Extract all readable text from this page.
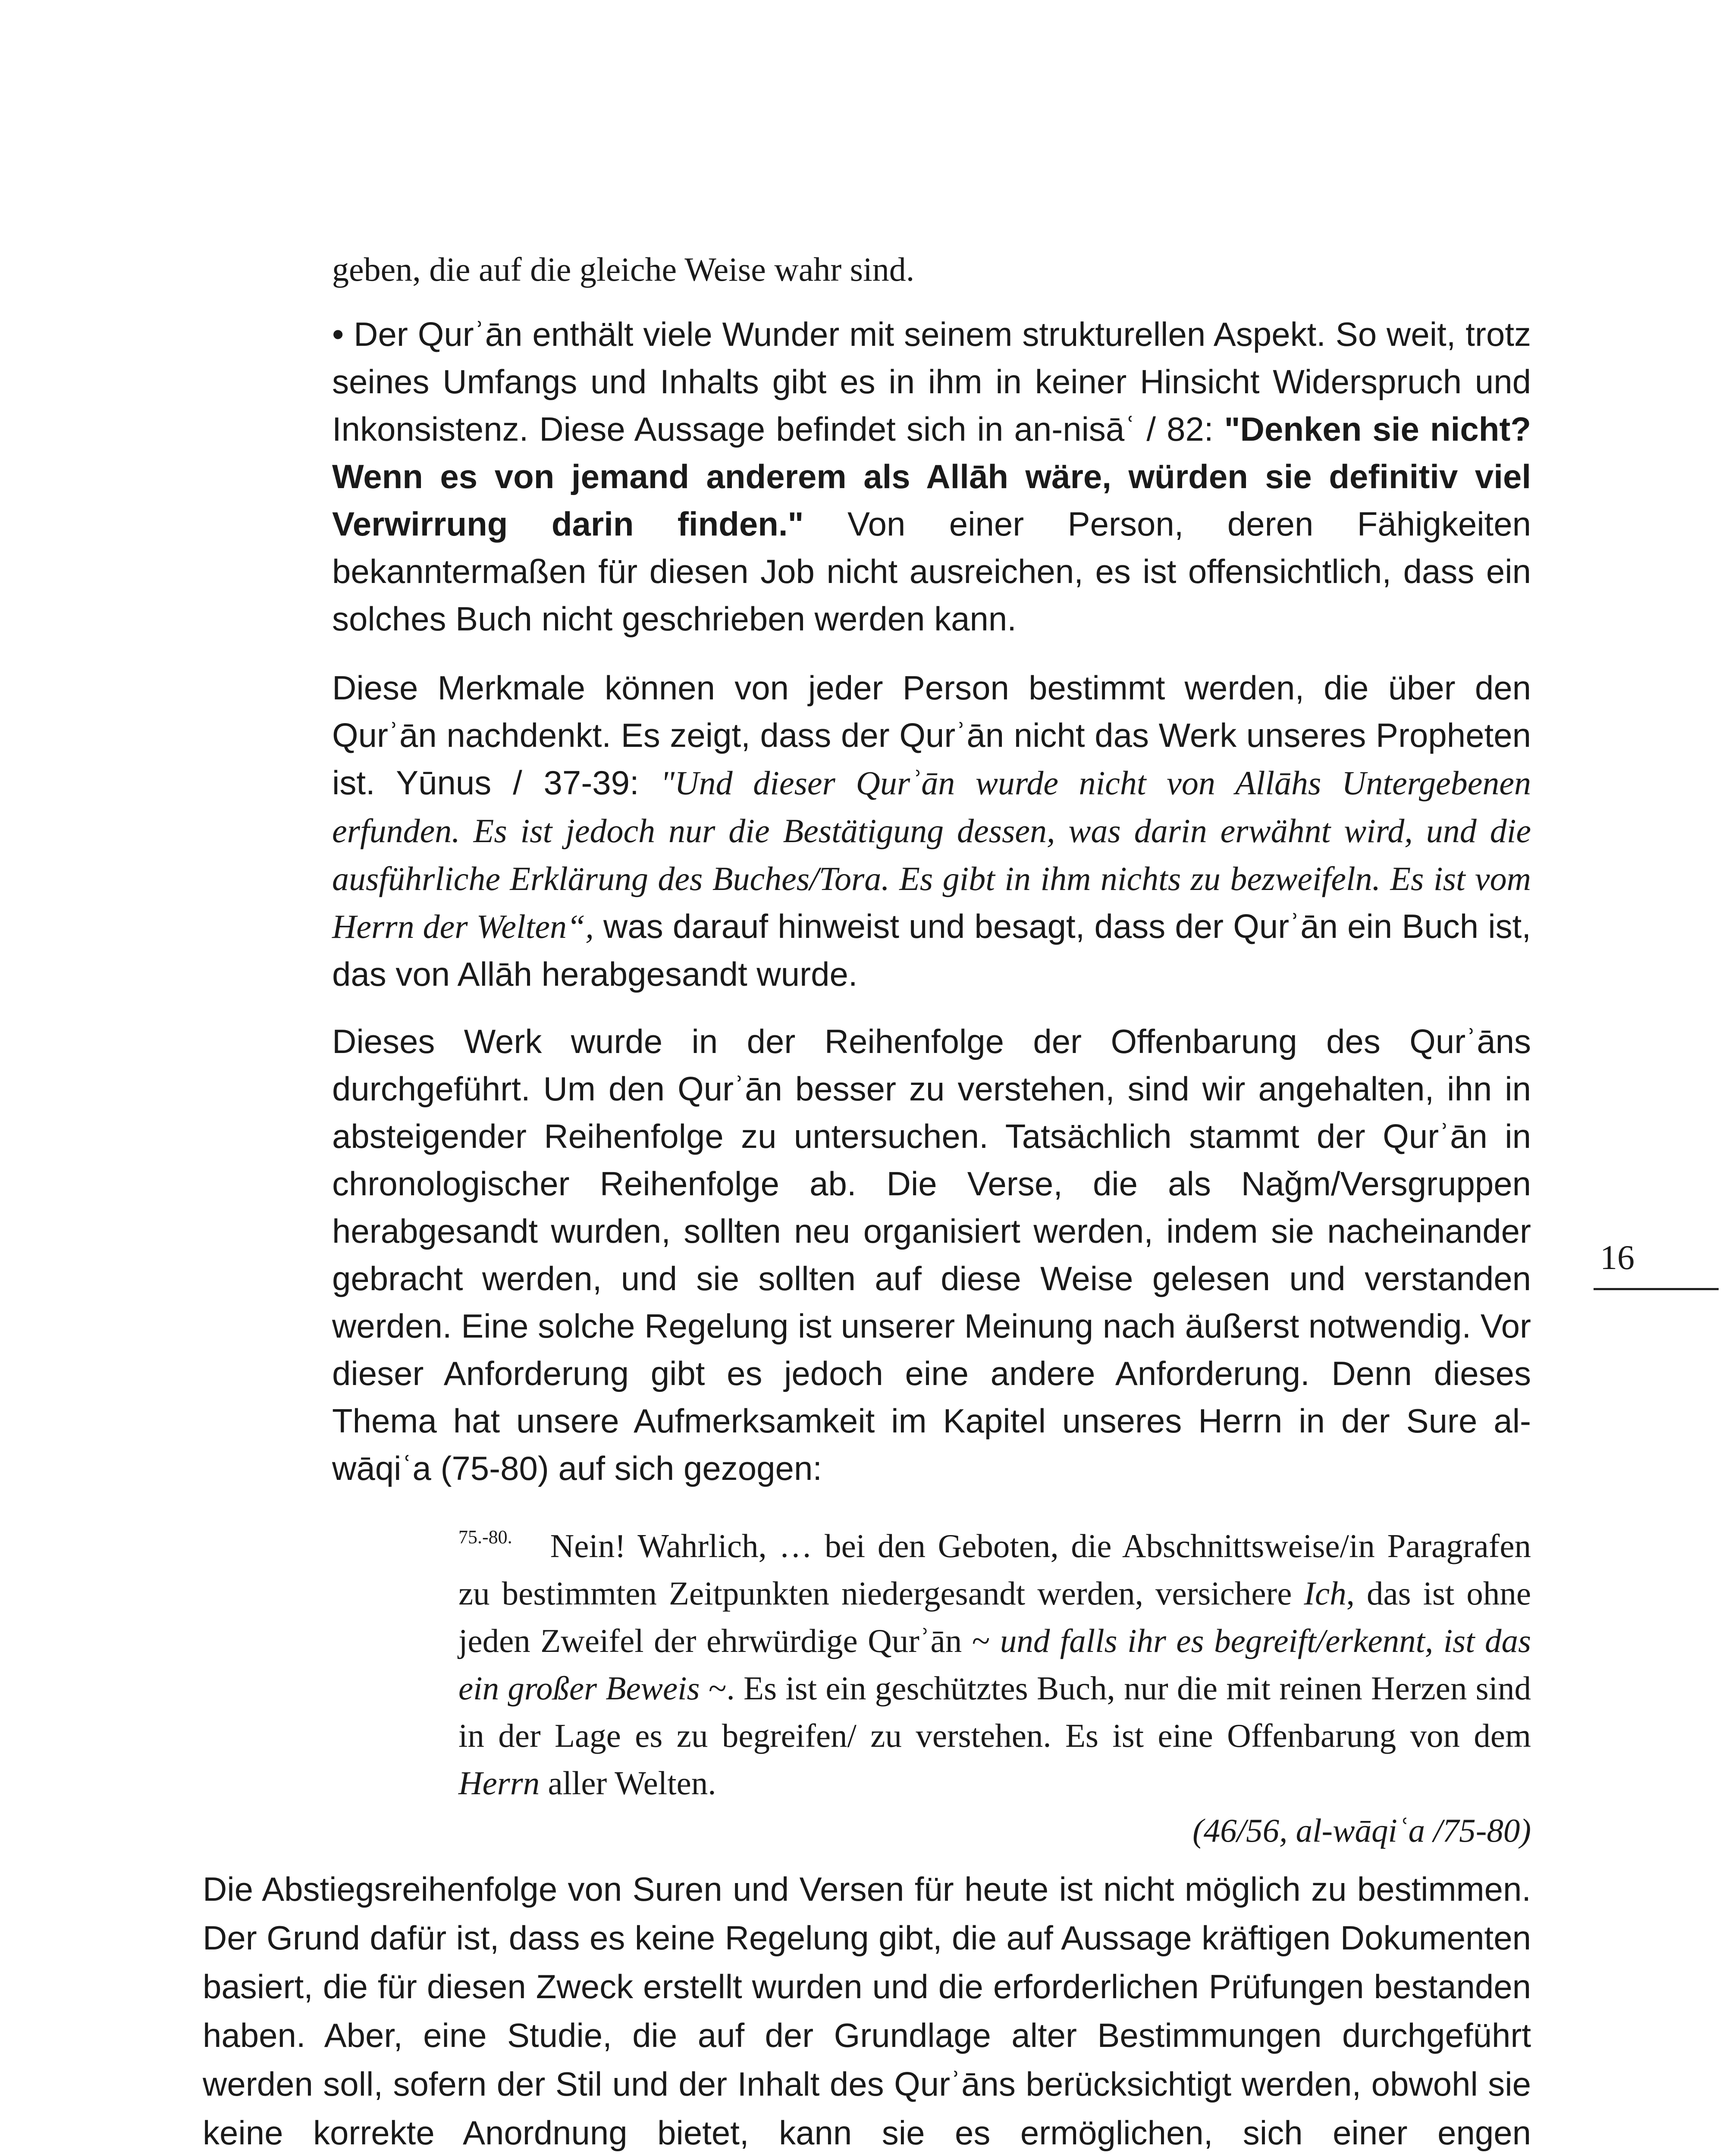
geben, die auf die gleiche Weise wahr sind.

• Der Qurʾān enthält viele Wunder mit seinem strukturellen Aspekt. So weit, trotz seines Umfangs und Inhalts gibt es in ihm in keiner Hinsicht Widerspruch und Inkonsistenz. Diese Aussage befindet sich in an-nisāʿ / 82: "Denken sie nicht? Wenn es von jemand anderem als Allāh wäre, würden sie definitiv viel Verwirrung darin finden." Von einer Person, deren Fähigkeiten bekanntermaßen für diesen Job nicht ausreichen, es ist offensichtlich, dass ein solches Buch nicht geschrieben werden kann.

Diese Merkmale können von jeder Person bestimmt werden, die über den Qurʾān nachdenkt. Es zeigt, dass der Qurʾān nicht das Werk unseres Propheten ist. Yūnus / 37-39: "Und dieser Qurʾān wurde nicht von Allāhs Untergebenen erfunden. Es ist jedoch nur die Bestätigung dessen, was darin erwähnt wird, und die ausführliche Erklärung des Buches/Tora. Es gibt in ihm nichts zu bezweifeln. Es ist vom Herrn der Welten“, was darauf hinweist und besagt, dass der Qurʾān ein Buch ist, das von Allāh herabgesandt wurde.

Dieses Werk wurde in der Reihenfolge der Offenbarung des Qurʾāns durchgeführt. Um den Qurʾān besser zu verstehen, sind wir angehalten, ihn in absteigender Reihenfolge zu untersuchen. Tatsächlich stammt der Qurʾān in chronologischer Reihenfolge ab. Die Verse, die als Naǧm/Versgruppen herabgesandt wurden, sollten neu organisiert werden, indem sie nacheinander gebracht werden, und sie sollten auf diese Weise gelesen und verstanden werden. Eine solche Regelung ist unserer Meinung nach äußerst notwendig. Vor dieser Anforderung gibt es jedoch eine andere Anforderung. Denn dieses Thema hat unsere Aufmerksamkeit im Kapitel unseres Herrn in der Sure al-wāqiʿa (75-80) auf sich gezogen:

$^{75.-80.}$ Nein! Wahrlich, … bei den Geboten, die Abschnittsweise/in Paragrafen zu bestimmten Zeitpunkten niedergesandt werden, versichere Ich, das ist ohne jeden Zweifel der ehrwürdige Qurʾān ~ und falls ihr es begreift/erkennt, ist das ein großer Beweis ~. Es ist ein geschütztes Buch, nur die mit reinen Herzen sind in der Lage es zu begreifen/ zu verstehen. Es ist eine Offenbarung von dem Herrn aller Welten.

(46/56, al-wāqiʿa /75-80)

Die Abstiegsreihenfolge von Suren und Versen für heute ist nicht möglich zu bestimmen. Der Grund dafür ist, dass es keine Regelung gibt, die auf Aussage kräftigen Dokumenten basiert, die für diesen Zweck erstellt wurden und die erforderlichen Prüfungen bestanden haben. Aber, eine Studie, die auf der Grundlage alter Bestimmungen durchgeführt werden soll, sofern der Stil und der Inhalt des Qurʾāns berücksichtigt werden, obwohl sie keine korrekte Anordnung bietet, kann sie es ermöglichen, sich einer engen

16
